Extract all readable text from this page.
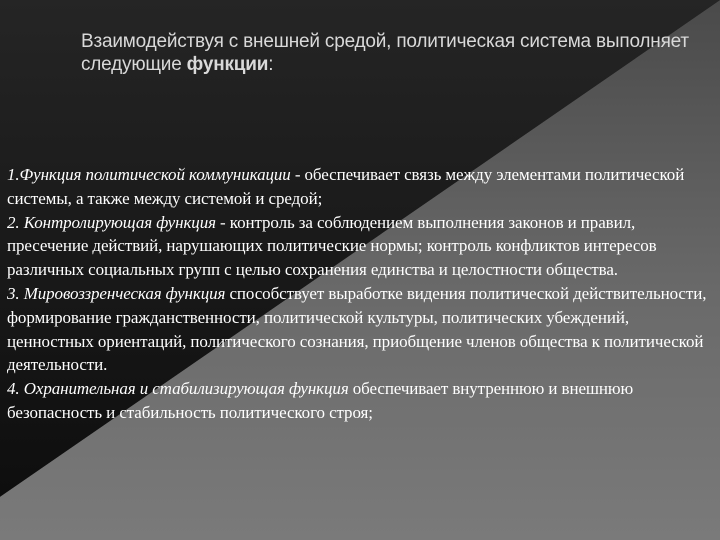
Взаимодействуя с внешней средой, политическая система выполняет следующие функции:
1.Функция политической коммуникации - обеспечивает связь между элементами политической системы, а также между системой и средой;
2. Контролирующая функция - контроль за соблюдением выполнения законов и правил, пресечение действий, нарушающих политические нормы; контроль конфликтов интересов различных социальных групп с целью сохранения единства и целостности общества.
3. Мировоззренческая функция способствует выработке видения политической действительности, формирование гражданственности, политической культуры, политических убеждений, ценностных ориентаций, политического сознания, приобщение членов общества к политической деятельности.
4. Охранительная и стабилизирующая функция обеспечивает внутреннюю и внешнюю безопасность и стабильность политического строя;
